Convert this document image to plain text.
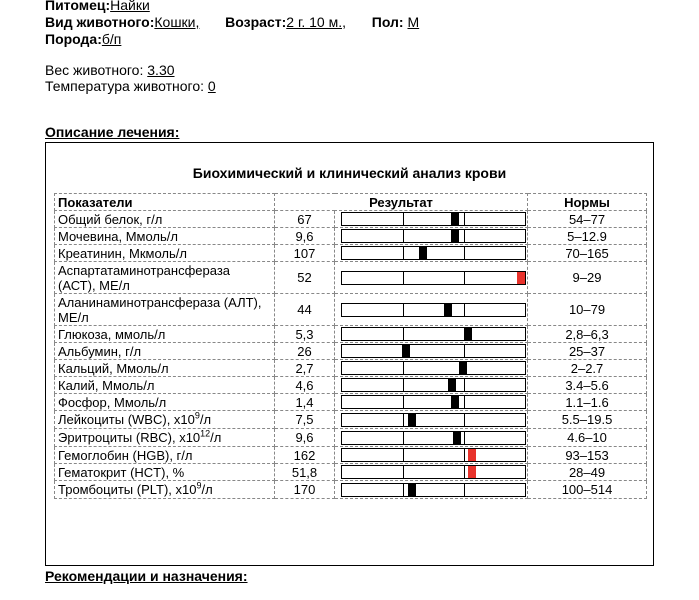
Питомец:Найки
Вид животного:Кошки, Возраст:2 г. 10 м., Пол: М
Порода:б/п
Вес животного: 3.30
Температура животного: 0
Описание лечения:
Биохимический и клинический анализ крови
Показатели	Результат		Нормы
Общий белок, г/л	67		54–77
Мочевина, Ммоль/л	9,6		5–12.9
Креатинин, Mкмоль/л	107		70–165
Аспартатаминотрансфераза (АСТ), МЕ/л	52		9–29
Аланинаминотрансфераза (АЛТ), МЕ/л	44		10–79
Глюкоза, ммоль/л	5,3		2,8–6,3
Альбумин, г/л	26		25–37
Кальций, Ммоль/л	2,7		2–2.7
Калий, Ммоль/л	4,6		3.4–5.6
Фосфор, Ммоль/л	1,4		1.1–1.6
Лейкоциты (WBC), $x10^9/л$	7,5		5.5–19.5
Эритроциты (RBC), $x10^{12}/л$	9,6		4.6–10
Гемоглобин (HGB), г/л	162		93–153
Гематокрит (HCT), %	51,8		28–49
Тромбоциты (PLT), $x10^9/л$	170		100–514
Рекомендации и назначения:
